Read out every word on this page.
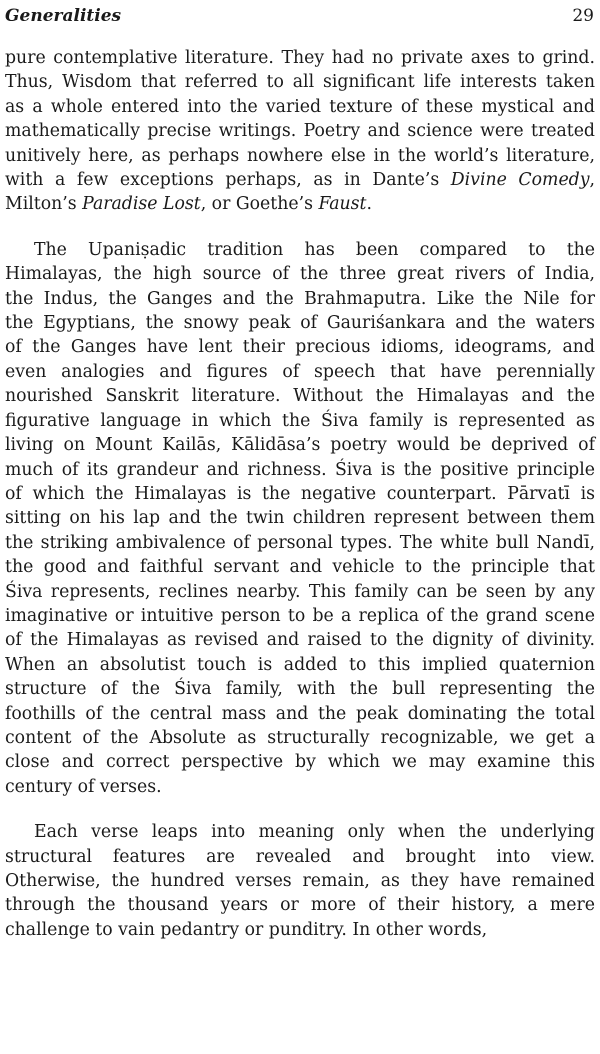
Generalities	29

pure contemplative literature. They had no private axes to grind.

Thus, Wisdom that referred to all significant life interests taken

as a whole entered into the varied texture of these mystical and

mathematically precise writings. Poetry and science were treated

unitively here, as perhaps nowhere else in the world’s literature,

with a few exceptions perhaps, as in Dante’s Divine Comedy,

Milton’s Paradise Lost, or Goethe’s Faust.

The Upaniṣadic tradition has been compared to the

Himalayas, the high source of the three great rivers of India,

the Indus, the Ganges and the Brahmaputra. Like the Nile for

the Egyptians, the snowy peak of Gauriśankara and the waters

of the Ganges have lent their precious idioms, ideograms, and

even analogies and figures of speech that have perennially

nourished Sanskrit literature. Without the Himalayas and the

figurative language in which the Śiva family is represented as

living on Mount Kailās, Kālidāsa’s poetry would be deprived of

much of its grandeur and richness. Śiva is the positive principle

of which the Himalayas is the negative counterpart. Pārvatī is

sitting on his lap and the twin children represent between them

the striking ambivalence of personal types. The white bull Nandī,

the good and faithful servant and vehicle to the principle that

Śiva represents, reclines nearby. This family can be seen by any

imaginative or intuitive person to be a replica of the grand scene

of the Himalayas as revised and raised to the dignity of divinity.

When an absolutist touch is added to this implied quaternion

structure of the Śiva family, with the bull representing the

foothills of the central mass and the peak dominating the total

content of the Absolute as structurally recognizable, we get a

close and correct perspective by which we may examine this

century of verses.

Each verse leaps into meaning only when the underlying

structural features are revealed and brought into view.

Otherwise, the hundred verses remain, as they have remained

through the thousand years or more of their history, a mere

challenge to vain pedantry or punditry. In other words,
